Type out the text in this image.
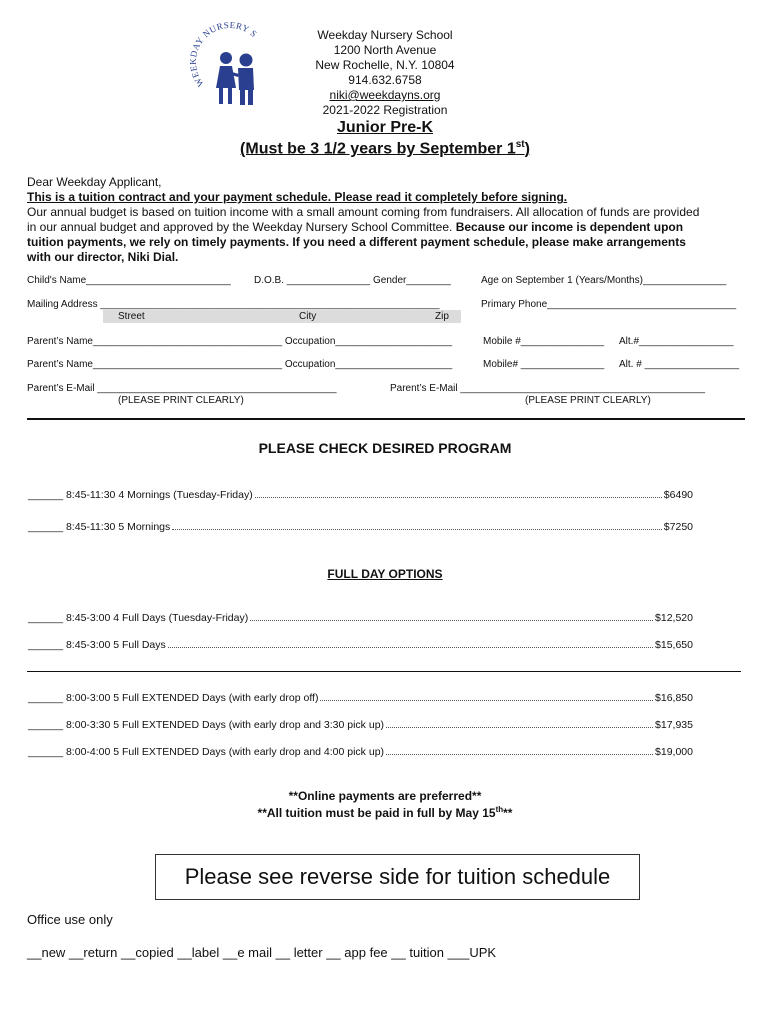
WE AY NURSERY S	Weekday Nursery School
1200 North Avenue
New Rochelle, N.Y. 10804
914.632.6758
niki@weekdayns.org
2021-2022 Registration
Junior Pre-K
(Must be 3 1/2 years by September 1st)
Dear Weekday Applicant,
This is a tuition contract and your payment schedule. Please read it completely before signing.
Our annual budget is based on tuition income with a small amount coming from fundraisers. All allocation of funds are provided
in our annual budget and approved by the Weekday Nursery School Committee. Because our income is dependent upon
tuition payments, we rely on timely payments. If you need a different payment schedule, please make arrangements
with our director, Niki Dial.
Child's Name__________________________ D.O.B. _______________ Gender________	Age on September 1 (Years/Months)_______________
Mailing Address _____________________________________________________________	Primary Phone__________________________________
Street	City	Zip
Parent’s Name__________________________________ Occupation_____________________	Mobile #_______________ Alt.#_________________
Parent’s Name__________________________________ Occupation_____________________	Mobile# _______________ Alt. # _________________
Parent’s E-Mail ___________________________________________	Parent’s E-Mail ____________________________________________
(PLEASE PRINT CLEARLY)	(PLEASE PRINT CLEARLY)
PLEASE CHECK DESIRED PROGRAM
______
8:45-11:30 4 Mornings (Tuesday-Friday)	$6490
______
8:45-11:30 5 Mornings	$7250
FULL DAY OPTIONS
______
8:45-3:00 4 Full Days (Tuesday-Friday)	$12,520
______
8:45-3:00 5 Full Days	$15,650
______
8:00-3:00 5 Full EXTENDED Days (with early drop off)	$16,850
______
8:00-3:30 5 Full EXTENDED Days (with early drop and 3:30 pick up)	$17,935
______
8:00-4:00 5 Full EXTENDED Days (with early drop and 4:00 pick up)	$19,000
**Online payments are preferred**
**All tuition must be paid in full by May 15th**
Please see reverse side for tuition schedule
Office use only
__new __return __copied __label __e mail __ letter __ app fee __ tuition ___UPK
